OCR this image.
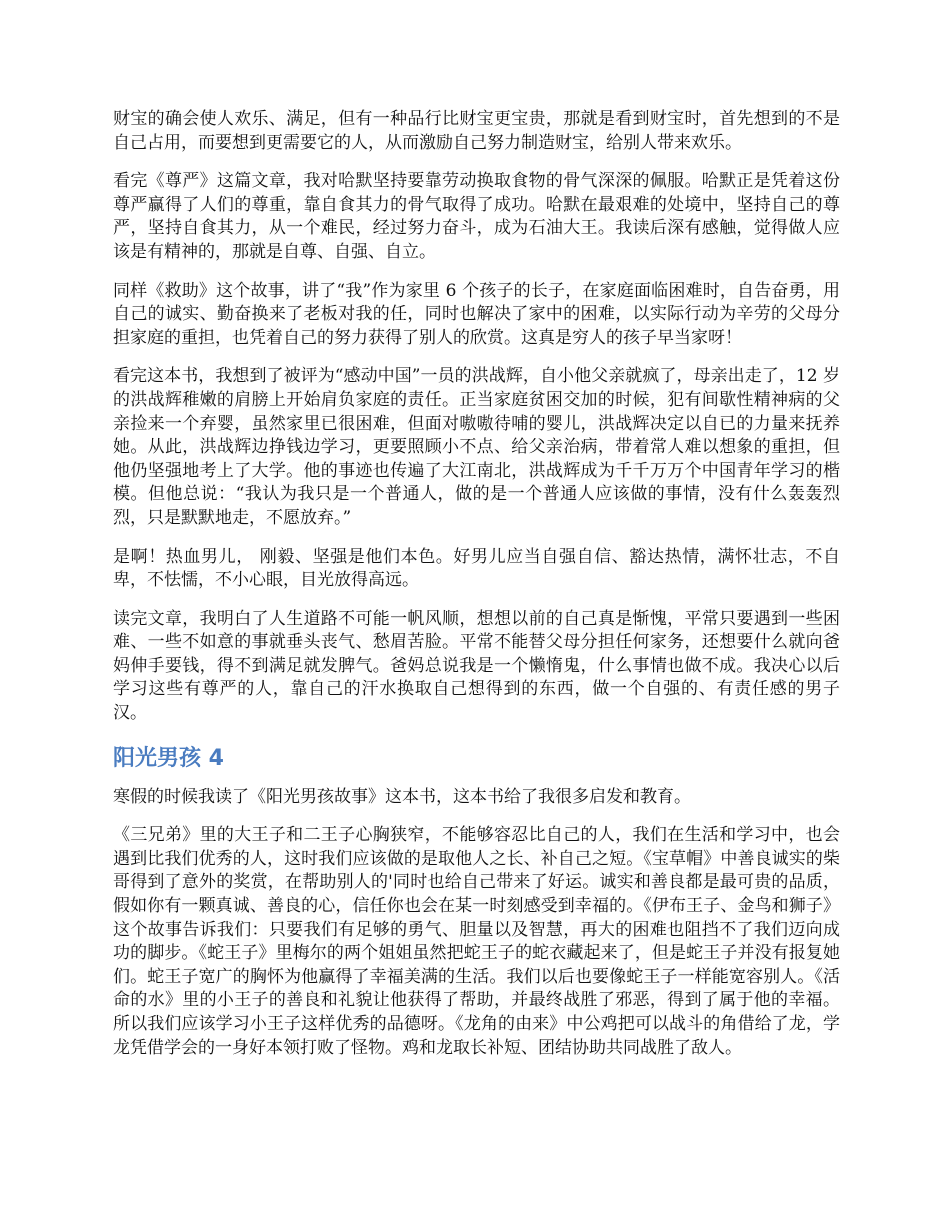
财宝的确会使人欢乐、满足，但有一种品行比财宝更宝贵，那就是看到财宝时，首先想到的不是自己占用，而要想到更需要它的人，从而激励自己努力制造财宝，给别人带来欢乐。

看完《尊严》这篇文章，我对哈默坚持要靠劳动换取食物的骨气深深的佩服。哈默正是凭着这份尊严赢得了人们的尊重，靠自食其力的骨气取得了成功。哈默在最艰难的处境中，坚持自己的尊严，坚持自食其力，从一个难民，经过努力奋斗，成为石油大王。我读后深有感触，觉得做人应该是有精神的，那就是自尊、自强、自立。

同样《救助》这个故事，讲了“我”作为家里 6 个孩子的长子，在家庭面临困难时，自告奋勇，用自己的诚实、勤奋换来了老板对我的任，同时也解决了家中的困难，以实际行动为辛劳的父母分担家庭的重担，也凭着自己的努力获得了别人的欣赏。这真是穷人的孩子早当家呀！

看完这本书，我想到了被评为“感动中国”一员的洪战辉，自小他父亲就疯了，母亲出走了，12 岁的洪战辉稚嫩的肩膀上开始肩负家庭的责任。正当家庭贫困交加的时候，犯有间歇性精神病的父亲捡来一个弃婴，虽然家里已很困难，但面对嗷嗷待哺的婴儿，洪战辉决定以自已的力量来抚养她。从此，洪战辉边挣钱边学习，更要照顾小不点、给父亲治病，带着常人难以想象的重担，但他仍坚强地考上了大学。他的事迹也传遍了大江南北，洪战辉成为千千万万个中国青年学习的楷模。但他总说：“我认为我只是一个普通人，做的是一个普通人应该做的事情，没有什么轰轰烈烈，只是默默地走，不愿放弃。”

是啊！热血男儿， 刚毅、坚强是他们本色。好男儿应当自强自信、豁达热情，满怀壮志，不自卑，不怯懦，不小心眼，目光放得高远。

读完文章，我明白了人生道路不可能一帆风顺，想想以前的自己真是惭愧，平常只要遇到一些困难、一些不如意的事就垂头丧气、愁眉苦脸。平常不能替父母分担任何家务，还想要什么就向爸妈伸手要钱，得不到满足就发脾气。爸妈总说我是一个懒惰鬼，什么事情也做不成。我决心以后学习这些有尊严的人，靠自己的汗水换取自己想得到的东西，做一个自强的、有责任感的男子汉。

阳光男孩 4

寒假的时候我读了《阳光男孩故事》这本书，这本书给了我很多启发和教育。

《三兄弟》里的大王子和二王子心胸狭窄，不能够容忍比自己的人，我们在生活和学习中，也会遇到比我们优秀的人，这时我们应该做的是取他人之长、补自己之短。《宝草帽》中善良诚实的柴哥得到了意外的奖赏，在帮助别人的'同时也给自己带来了好运。诚实和善良都是最可贵的品质，假如你有一颗真诚、善良的心，信任你也会在某一时刻感受到幸福的。《伊布王子、金鸟和狮子》这个故事告诉我们：只要我们有足够的勇气、胆量以及智慧，再大的困难也阻挡不了我们迈向成功的脚步。《蛇王子》里梅尔的两个姐姐虽然把蛇王子的蛇衣藏起来了，但是蛇王子并没有报复她们。蛇王子宽广的胸怀为他赢得了幸福美满的生活。我们以后也要像蛇王子一样能宽容别人。《活命的水》里的小王子的善良和礼貌让他获得了帮助，并最终战胜了邪恶，得到了属于他的幸福。所以我们应该学习小王子这样优秀的品德呀。《龙角的由来》中公鸡把可以战斗的角借给了龙，学龙凭借学会的一身好本领打败了怪物。鸡和龙取长补短、团结协助共同战胜了敌人。
